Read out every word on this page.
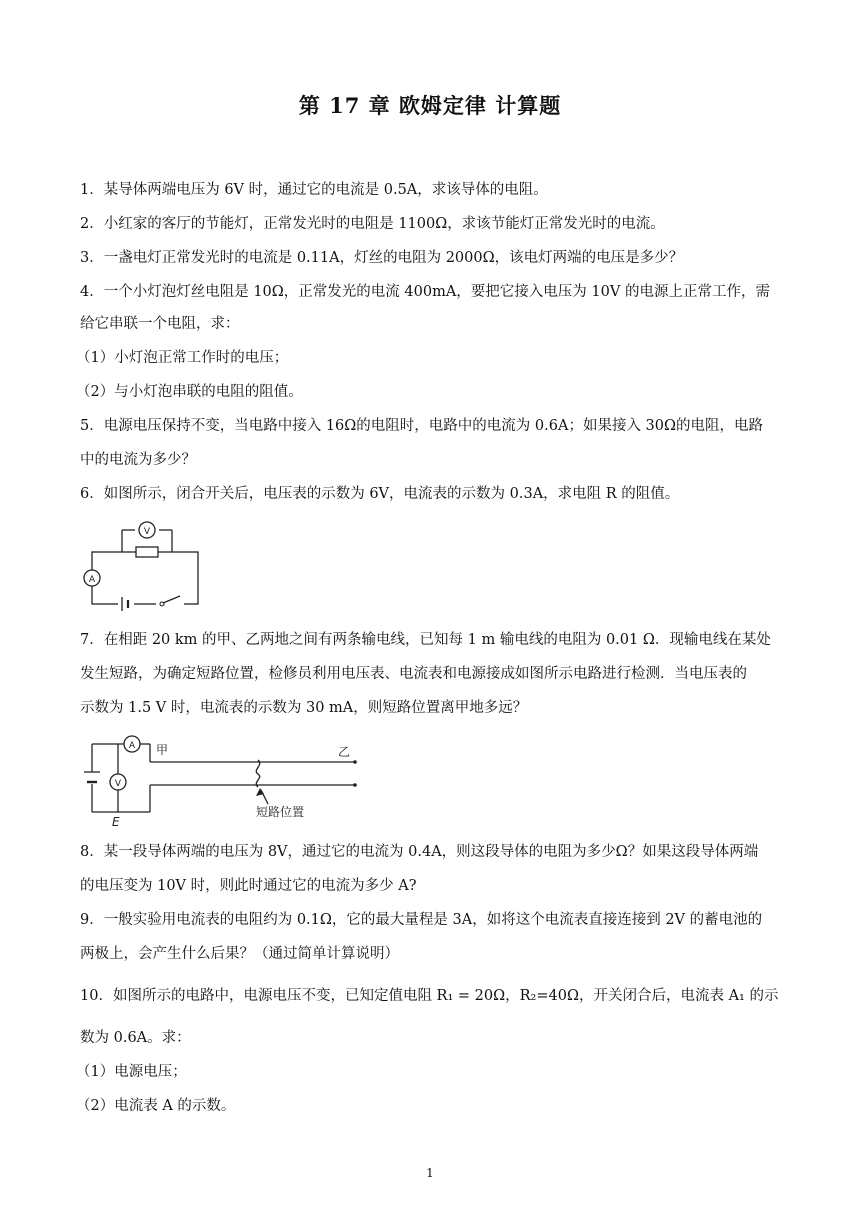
第 17 章 欧姆定律 计算题
1．某导体两端电压为 6V 时，通过它的电流是 0.5A，求该导体的电阻。
2．小红家的客厅的节能灯，正常发光时的电阻是 1100Ω，求该节能灯正常发光时的电流。
3．一盏电灯正常发光时的电流是 0.11A，灯丝的电阻为 2000Ω，该电灯两端的电压是多少？
4．一个小灯泡灯丝电阻是 10Ω，正常发光的电流 400mA，要把它接入电压为 10V 的电源上正常工作，需
给它串联一个电阻，求：
（1）小灯泡正常工作时的电压；
（2）与小灯泡串联的电阻的阻值。
5．电源电压保持不变，当电路中接入 16Ω的电阻时，电路中的电流为 0.6A；如果接入 30Ω的电阻，电路
中的电流为多少？
6．如图所示，闭合开关后，电压表的示数为 6V，电流表的示数为 0.3A，求电阻 R 的阻值。
V
A
7．在相距 20 km 的甲、乙两地之间有两条输电线，已知每 1 m 输电线的电阻为 0.01 Ω．现输电线在某处
发生短路，为确定短路位置，检修员利用电压表、电流表和电源接成如图所示电路进行检测．当电压表的
示数为 1.5 V 时，电流表的示数为 30 mA，则短路位置离甲地多远？
A
V
甲	乙
短路位置
E
8．某一段导体两端的电压为 8V，通过它的电流为 0.4A，则这段导体的电阻为多少Ω？如果这段导体两端
的电压变为 10V 时，则此时通过它的电流为多少 A?
9．一般实验用电流表的电阻约为 0.1Ω，它的最大量程是 3A，如将这个电流表直接连接到 2V 的蓄电池的
两极上，会产生什么后果？（通过简单计算说明）
10．如图所示的电路中，电源电压不变，已知定值电阻 R₁ = 20Ω，R₂=40Ω，开关闭合后，电流表 A₁ 的示
数为 0.6A。求：
（1）电源电压；
（2）电流表 A 的示数。
1
